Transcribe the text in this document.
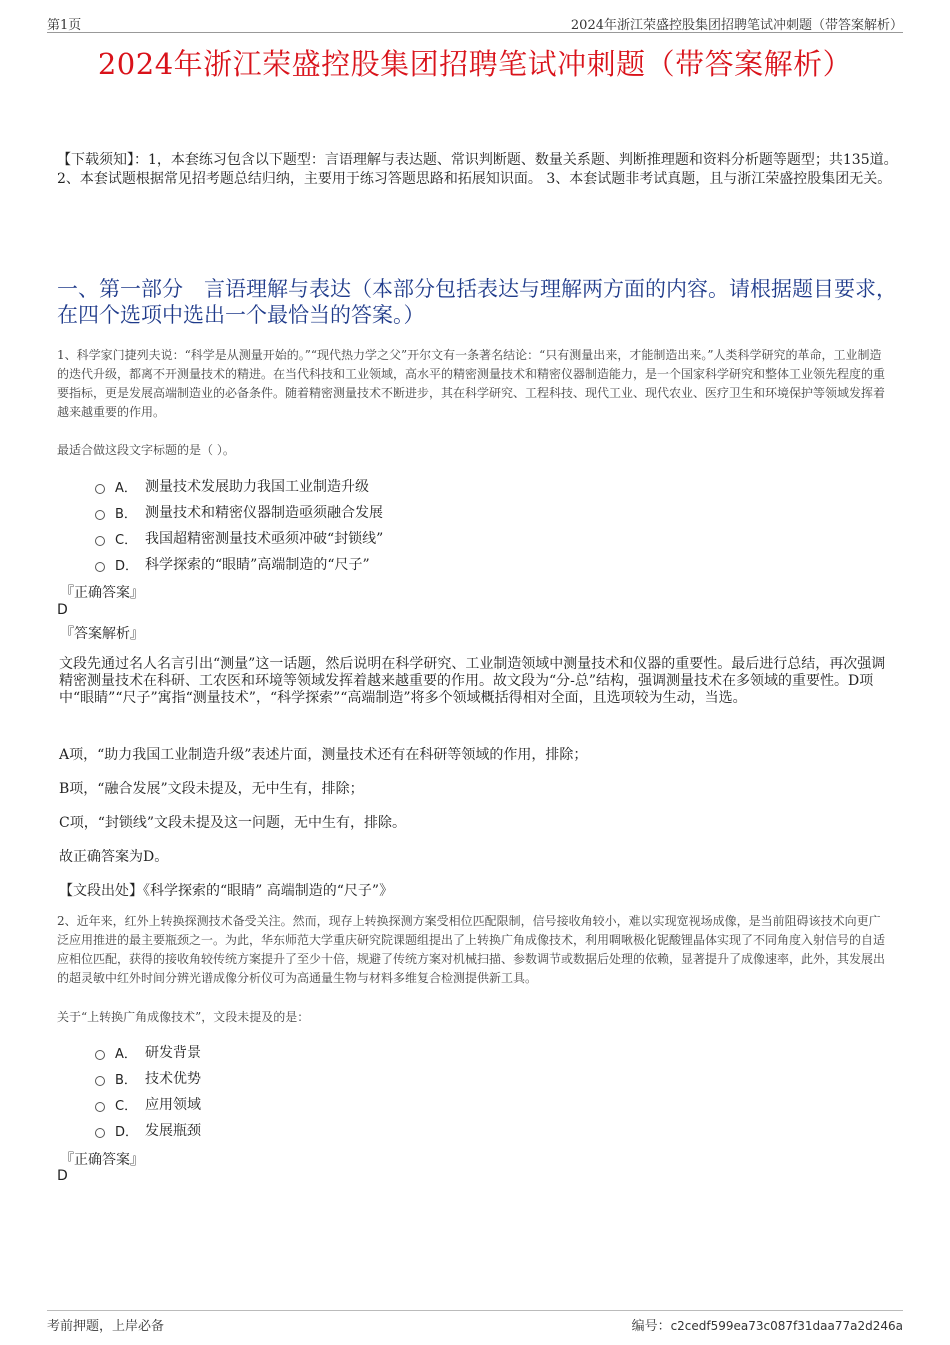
第1页	2024年浙江荣盛控股集团招聘笔试冲刺题（带答案解析）
2024年浙江荣盛控股集团招聘笔试冲刺题（带答案解析）
【下载须知】：1，本套练习包含以下题型：言语理解与表达题、常识判断题、数量关系题、判断推理题和资料分析题等题型；共135道。 2、本套试题根据常见招考题总结归纳，主要用于练习答题思路和拓展知识面。 3、本套试题非考试真题，且与浙江荣盛控股集团无关。
一、第一部分　言语理解与表达（本部分包括表达与理解两方面的内容。请根据题目要求，在四个选项中选出一个最恰当的答案。）
1、科学家门捷列夫说：“科学是从测量开始的。”“现代热力学之父”开尔文有一条著名结论：“只有测量出来，才能制造出来。”人类科学研究的革命，工业制造的迭代升级，都离不开测量技术的精进。在当代科技和工业领域，高水平的精密测量技术和精密仪器制造能力，是一个国家科学研究和整体工业领先程度的重要指标，更是发展高端制造业的必备条件。随着精密测量技术不断进步，其在科学研究、工程科技、现代工业、现代农业、医疗卫生和环境保护等领域发挥着越来越重要的作用。
最适合做这段文字标题的是（ ）。
A． 测量技术发展助力我国工业制造升级
B． 测量技术和精密仪器制造亟须融合发展
C． 我国超精密测量技术亟须冲破“封锁线”
D． 科学探索的“眼睛”高端制造的“尺子”
『正确答案』
D
『答案解析』
文段先通过名人名言引出“测量”这一话题，然后说明在科学研究、工业制造领域中测量技术和仪器的重要性。最后进行总结，再次强调精密测量技术在科研、工农医和环境等领域发挥着越来越重要的作用。故文段为“分-总”结构，强调测量技术在多领域的重要性。D项中“眼睛”“尺子”寓指“测量技术”，“科学探索”“高端制造”将多个领域概括得相对全面，且选项较为生动，当选。
A项，“助力我国工业制造升级”表述片面，测量技术还有在科研等领域的作用，排除；
B项，“融合发展”文段未提及，无中生有，排除；
C项，“封锁线”文段未提及这一问题，无中生有，排除。
故正确答案为D。
【文段出处】《科学探索的“眼睛” 高端制造的“尺子”》
2、近年来，红外上转换探测技术备受关注。然而，现存上转换探测方案受相位匹配限制，信号接收角较小，难以实现宽视场成像，是当前阻碍该技术向更广泛应用推进的最主要瓶颈之一。为此，华东师范大学重庆研究院课题组提出了上转换广角成像技术，利用啁啾极化铌酸锂晶体实现了不同角度入射信号的自适应相位匹配，获得的接收角较传统方案提升了至少十倍，规避了传统方案对机械扫描、参数调节或数据后处理的依赖，显著提升了成像速率，此外，其发展出的超灵敏中红外时间分辨光谱成像分析仪可为高通量生物与材料多维复合检测提供新工具。
关于“上转换广角成像技术”，文段未提及的是：
A． 研发背景
B． 技术优势
C． 应用领域
D． 发展瓶颈
『正确答案』
D
考前押题，上岸必备	编号：c2cedf599ea73c087f31daa77a2d246a
